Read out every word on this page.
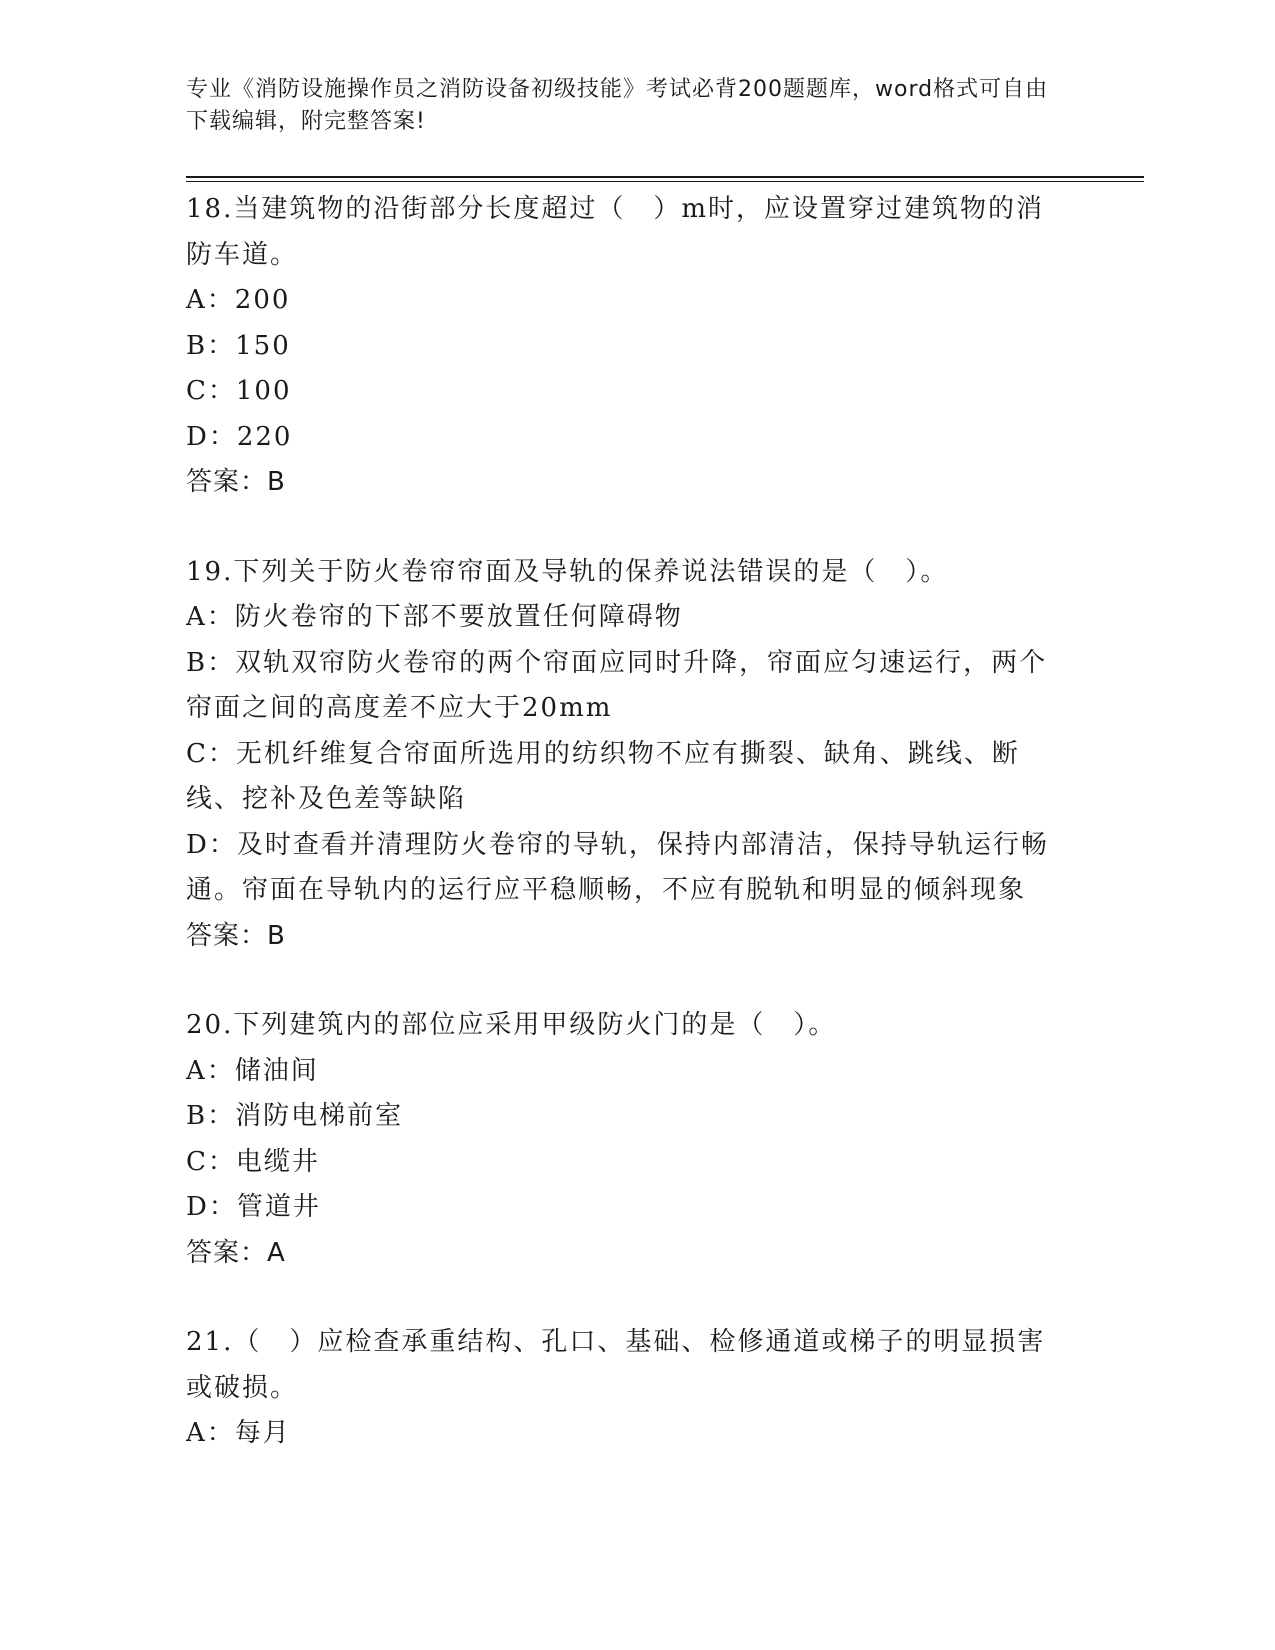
专业《消防设施操作员之消防设备初级技能》考试必背200题题库，word格式可自由下载编辑，附完整答案!

18.当建筑物的沿街部分长度超过（　）m时，应设置穿过建筑物的消防车道。

A：200

B：150

C：100

D：220

答案：B

19.下列关于防火卷帘帘面及导轨的保养说法错误的是（　）。

A：防火卷帘的下部不要放置任何障碍物

B：双轨双帘防火卷帘的两个帘面应同时升降，帘面应匀速运行，两个帘面之间的高度差不应大于20mm

C：无机纤维复合帘面所选用的纺织物不应有撕裂、缺角、跳线、断线、挖补及色差等缺陷

D：及时查看并清理防火卷帘的导轨，保持内部清洁，保持导轨运行畅通。帘面在导轨内的运行应平稳顺畅，不应有脱轨和明显的倾斜现象

答案：B

20.下列建筑内的部位应采用甲级防火门的是（　）。

A：储油间

B：消防电梯前室

C：电缆井

D：管道井

答案：A

21.（　）应检查承重结构、孔口、基础、检修通道或梯子的明显损害或破损。

A：每月
